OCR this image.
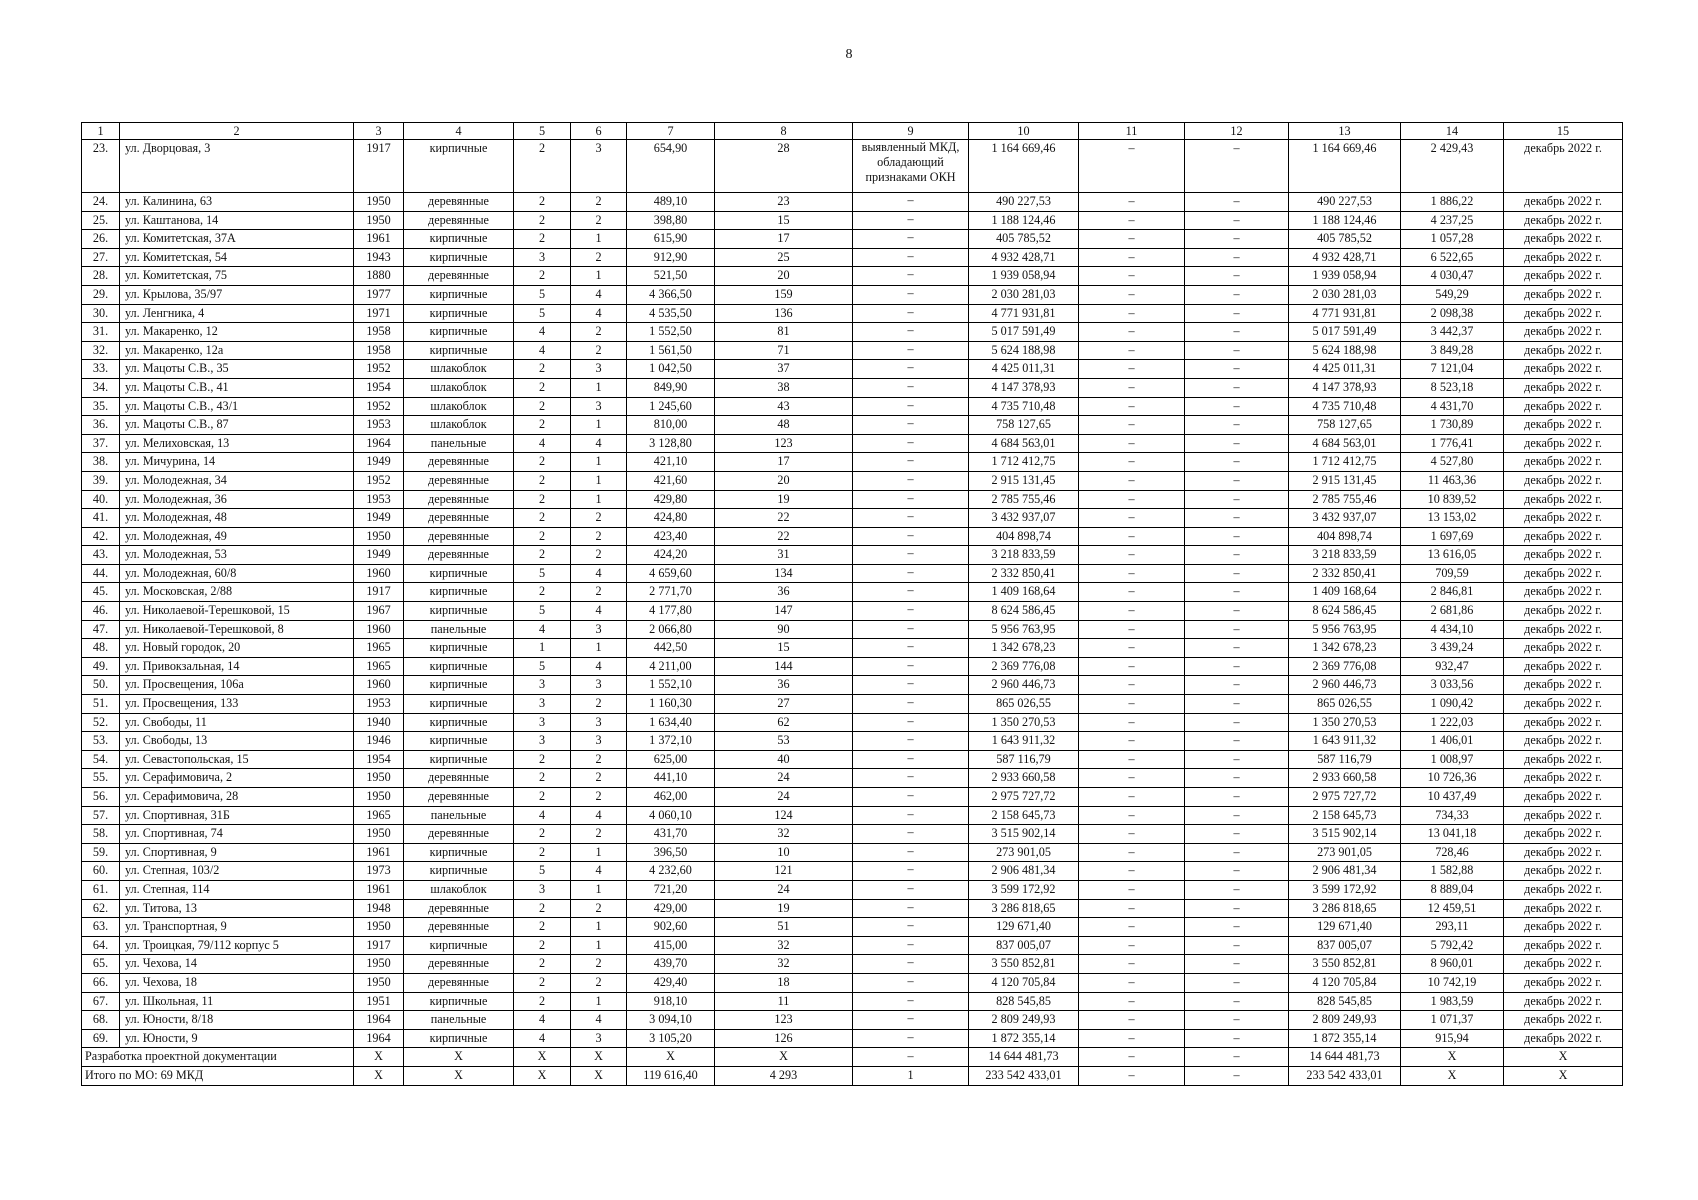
8
1	2	3	4	5	6	7	8	9	10	11	12	13	14	15
23.	ул. Дворцовая, 3	1917	кирпичные	2	3	654,90	28	выявленный МКД, обладающий признаками ОКН	1 164 669,46	–	–	1 164 669,46	2 429,43	декабрь 2022 г.
24.	ул. Калинина, 63	1950	деревянные	2	2	489,10	23	–	490 227,53	–	–	490 227,53	1 886,22	декабрь 2022 г.
25.	ул. Каштанова, 14	1950	деревянные	2	2	398,80	15	–	1 188 124,46	–	–	1 188 124,46	4 237,25	декабрь 2022 г.
26.	ул. Комитетская, 37А	1961	кирпичные	2	1	615,90	17	–	405 785,52	–	–	405 785,52	1 057,28	декабрь 2022 г.
27.	ул. Комитетская, 54	1943	кирпичные	3	2	912,90	25	–	4 932 428,71	–	–	4 932 428,71	6 522,65	декабрь 2022 г.
28.	ул. Комитетская, 75	1880	деревянные	2	1	521,50	20	–	1 939 058,94	–	–	1 939 058,94	4 030,47	декабрь 2022 г.
29.	ул. Крылова, 35/97	1977	кирпичные	5	4	4 366,50	159	–	2 030 281,03	–	–	2 030 281,03	549,29	декабрь 2022 г.
30.	ул. Ленгника, 4	1971	кирпичные	5	4	4 535,50	136	–	4 771 931,81	–	–	4 771 931,81	2 098,38	декабрь 2022 г.
31.	ул. Макаренко, 12	1958	кирпичные	4	2	1 552,50	81	–	5 017 591,49	–	–	5 017 591,49	3 442,37	декабрь 2022 г.
32.	ул. Макаренко, 12а	1958	кирпичные	4	2	1 561,50	71	–	5 624 188,98	–	–	5 624 188,98	3 849,28	декабрь 2022 г.
33.	ул. Мацоты С.В., 35	1952	шлакоблок	2	3	1 042,50	37	–	4 425 011,31	–	–	4 425 011,31	7 121,04	декабрь 2022 г.
34.	ул. Мацоты С.В., 41	1954	шлакоблок	2	1	849,90	38	–	4 147 378,93	–	–	4 147 378,93	8 523,18	декабрь 2022 г.
35.	ул. Мацоты С.В., 43/1	1952	шлакоблок	2	3	1 245,60	43	–	4 735 710,48	–	–	4 735 710,48	4 431,70	декабрь 2022 г.
36.	ул. Мацоты С.В., 87	1953	шлакоблок	2	1	810,00	48	–	758 127,65	–	–	758 127,65	1 730,89	декабрь 2022 г.
37.	ул. Мелиховская, 13	1964	панельные	4	4	3 128,80	123	–	4 684 563,01	–	–	4 684 563,01	1 776,41	декабрь 2022 г.
38.	ул. Мичурина, 14	1949	деревянные	2	1	421,10	17	–	1 712 412,75	–	–	1 712 412,75	4 527,80	декабрь 2022 г.
39.	ул. Молодежная, 34	1952	деревянные	2	1	421,60	20	–	2 915 131,45	–	–	2 915 131,45	11 463,36	декабрь 2022 г.
40.	ул. Молодежная, 36	1953	деревянные	2	1	429,80	19	–	2 785 755,46	–	–	2 785 755,46	10 839,52	декабрь 2022 г.
41.	ул. Молодежная, 48	1949	деревянные	2	2	424,80	22	–	3 432 937,07	–	–	3 432 937,07	13 153,02	декабрь 2022 г.
42.	ул. Молодежная, 49	1950	деревянные	2	2	423,40	22	–	404 898,74	–	–	404 898,74	1 697,69	декабрь 2022 г.
43.	ул. Молодежная, 53	1949	деревянные	2	2	424,20	31	–	3 218 833,59	–	–	3 218 833,59	13 616,05	декабрь 2022 г.
44.	ул. Молодежная, 60/8	1960	кирпичные	5	4	4 659,60	134	–	2 332 850,41	–	–	2 332 850,41	709,59	декабрь 2022 г.
45.	ул. Московская, 2/88	1917	кирпичные	2	2	2 771,70	36	–	1 409 168,64	–	–	1 409 168,64	2 846,81	декабрь 2022 г.
46.	ул. Николаевой-Терешковой, 15	1967	кирпичные	5	4	4 177,80	147	–	8 624 586,45	–	–	8 624 586,45	2 681,86	декабрь 2022 г.
47.	ул. Николаевой-Терешковой, 8	1960	панельные	4	3	2 066,80	90	–	5 956 763,95	–	–	5 956 763,95	4 434,10	декабрь 2022 г.
48.	ул. Новый городок, 20	1965	кирпичные	1	1	442,50	15	–	1 342 678,23	–	–	1 342 678,23	3 439,24	декабрь 2022 г.
49.	ул. Привокзальная, 14	1965	кирпичные	5	4	4 211,00	144	–	2 369 776,08	–	–	2 369 776,08	932,47	декабрь 2022 г.
50.	ул. Просвещения, 106а	1960	кирпичные	3	3	1 552,10	36	–	2 960 446,73	–	–	2 960 446,73	3 033,56	декабрь 2022 г.
51.	ул. Просвещения, 133	1953	кирпичные	3	2	1 160,30	27	–	865 026,55	–	–	865 026,55	1 090,42	декабрь 2022 г.
52.	ул. Свободы, 11	1940	кирпичные	3	3	1 634,40	62	–	1 350 270,53	–	–	1 350 270,53	1 222,03	декабрь 2022 г.
53.	ул. Свободы, 13	1946	кирпичные	3	3	1 372,10	53	–	1 643 911,32	–	–	1 643 911,32	1 406,01	декабрь 2022 г.
54.	ул. Севастопольская, 15	1954	кирпичные	2	2	625,00	40	–	587 116,79	–	–	587 116,79	1 008,97	декабрь 2022 г.
55.	ул. Серафимовича, 2	1950	деревянные	2	2	441,10	24	–	2 933 660,58	–	–	2 933 660,58	10 726,36	декабрь 2022 г.
56.	ул. Серафимовича, 28	1950	деревянные	2	2	462,00	24	–	2 975 727,72	–	–	2 975 727,72	10 437,49	декабрь 2022 г.
57.	ул. Спортивная, 31Б	1965	панельные	4	4	4 060,10	124	–	2 158 645,73	–	–	2 158 645,73	734,33	декабрь 2022 г.
58.	ул. Спортивная, 74	1950	деревянные	2	2	431,70	32	–	3 515 902,14	–	–	3 515 902,14	13 041,18	декабрь 2022 г.
59.	ул. Спортивная, 9	1961	кирпичные	2	1	396,50	10	–	273 901,05	–	–	273 901,05	728,46	декабрь 2022 г.
60.	ул. Степная, 103/2	1973	кирпичные	5	4	4 232,60	121	–	2 906 481,34	–	–	2 906 481,34	1 582,88	декабрь 2022 г.
61.	ул. Степная, 114	1961	шлакоблок	3	1	721,20	24	–	3 599 172,92	–	–	3 599 172,92	8 889,04	декабрь 2022 г.
62.	ул. Титова, 13	1948	деревянные	2	2	429,00	19	–	3 286 818,65	–	–	3 286 818,65	12 459,51	декабрь 2022 г.
63.	ул. Транспортная, 9	1950	деревянные	2	1	902,60	51	–	129 671,40	–	–	129 671,40	293,11	декабрь 2022 г.
64.	ул. Троицкая, 79/112 корпус 5	1917	кирпичные	2	1	415,00	32	–	837 005,07	–	–	837 005,07	5 792,42	декабрь 2022 г.
65.	ул. Чехова, 14	1950	деревянные	2	2	439,70	32	–	3 550 852,81	–	–	3 550 852,81	8 960,01	декабрь 2022 г.
66.	ул. Чехова, 18	1950	деревянные	2	2	429,40	18	–	4 120 705,84	–	–	4 120 705,84	10 742,19	декабрь 2022 г.
67.	ул. Школьная, 11	1951	кирпичные	2	1	918,10	11	–	828 545,85	–	–	828 545,85	1 983,59	декабрь 2022 г.
68.	ул. Юности, 8/18	1964	панельные	4	4	3 094,10	123	–	2 809 249,93	–	–	2 809 249,93	1 071,37	декабрь 2022 г.
69.	ул. Юности, 9	1964	кирпичные	4	3	3 105,20	126	–	1 872 355,14	–	–	1 872 355,14	915,94	декабрь 2022 г.
Разработка проектной документации		X	X	X	X	X	X	–	14 644 481,73	–	–	14 644 481,73	X	X
Итого по МО: 69 МКД		X	X	X	X	119 616,40	4 293	1	233 542 433,01	–	–	233 542 433,01	X	X
